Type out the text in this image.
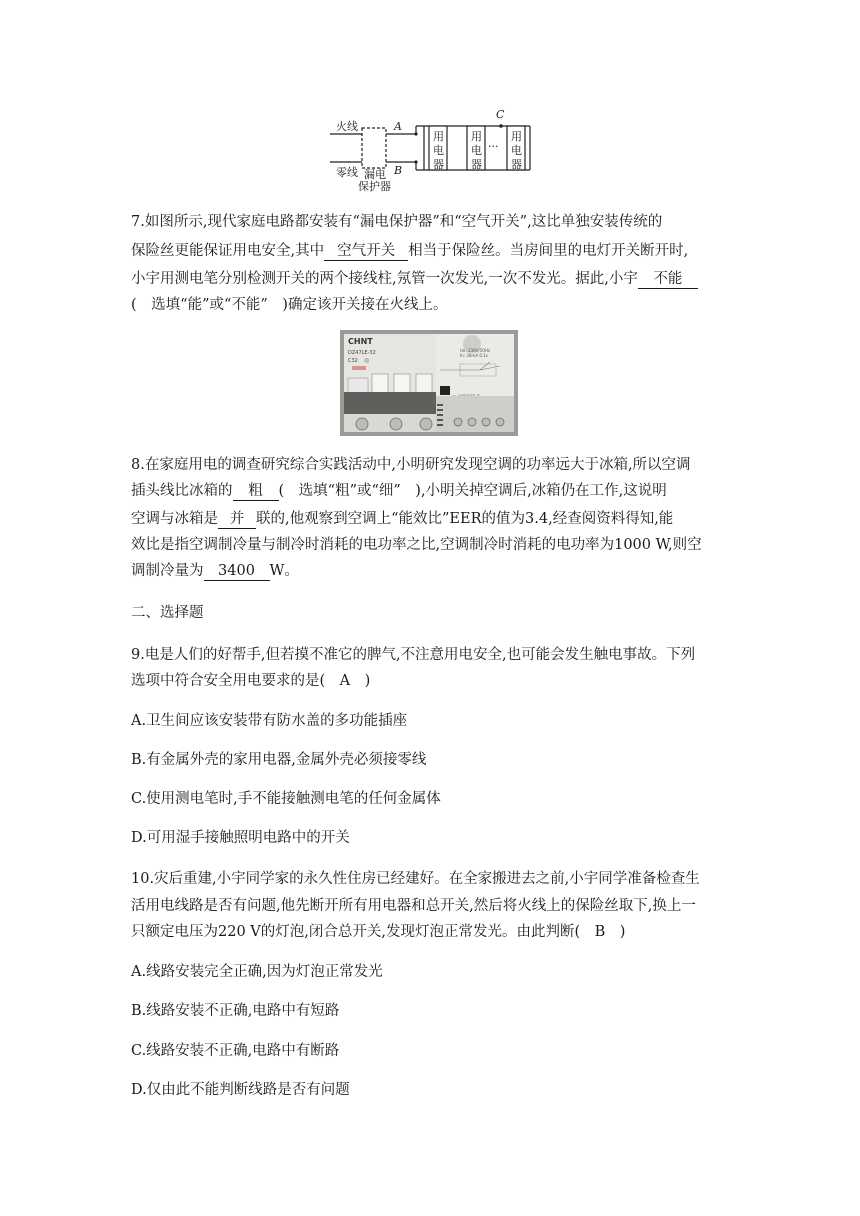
火线
零线 漏电
保护器
A
B
C
用
电
器
用
电
器
用
电
器
···
7.如图所示,现代家庭电路都安装有“漏电保护器”和“空气开关”,这比单独安装传统的
保险丝更能保证用电安全,其中 空气开关 相当于保险丝。当房间里的电灯开关断开时,
小宇用测电笔分别检测开关的两个接线柱,氖管一次发光,一次不发光。据此,小宇 不能
(　选填“能”或“不能”　)确定该开关接在火线上。
CHNT
DZ47LE-32
C32 ◎
Ue: 230V/50Hz
In: 30mA 0.1s
8.在家庭用电的调查研究综合实践活动中,小明研究发现空调的功率远大于冰箱,所以空调
插头线比冰箱的 粗 (　选填“粗”或“细”　),小明关掉空调后,冰箱仍在工作,这说明
空调与冰箱是 并 联的,他观察到空调上“能效比”EER的值为3.4,经查阅资料得知,能
效比是指空调制冷量与制冷时消耗的电功率之比,空调制冷时消耗的电功率为1000 W,则空
调制冷量为 3400 W。
二、选择题
9.电是人们的好帮手,但若摸不准它的脾气,不注意用电安全,也可能会发生触电事故。下列
选项中符合安全用电要求的是(　A　)
A.卫生间应该安装带有防水盖的多功能插座
B.有金属外壳的家用电器,金属外壳必须接零线
C.使用测电笔时,手不能接触测电笔的任何金属体
D.可用湿手接触照明电路中的开关
10.灾后重建,小宇同学家的永久性住房已经建好。在全家搬进去之前,小宇同学准备检查生
活用电线路是否有问题,他先断开所有用电器和总开关,然后将火线上的保险丝取下,换上一
只额定电压为220 V的灯泡,闭合总开关,发现灯泡正常发光。由此判断(　B　)
A.线路安装完全正确,因为灯泡正常发光
B.线路安装不正确,电路中有短路
C.线路安装不正确,电路中有断路
D.仅由此不能判断线路是否有问题
